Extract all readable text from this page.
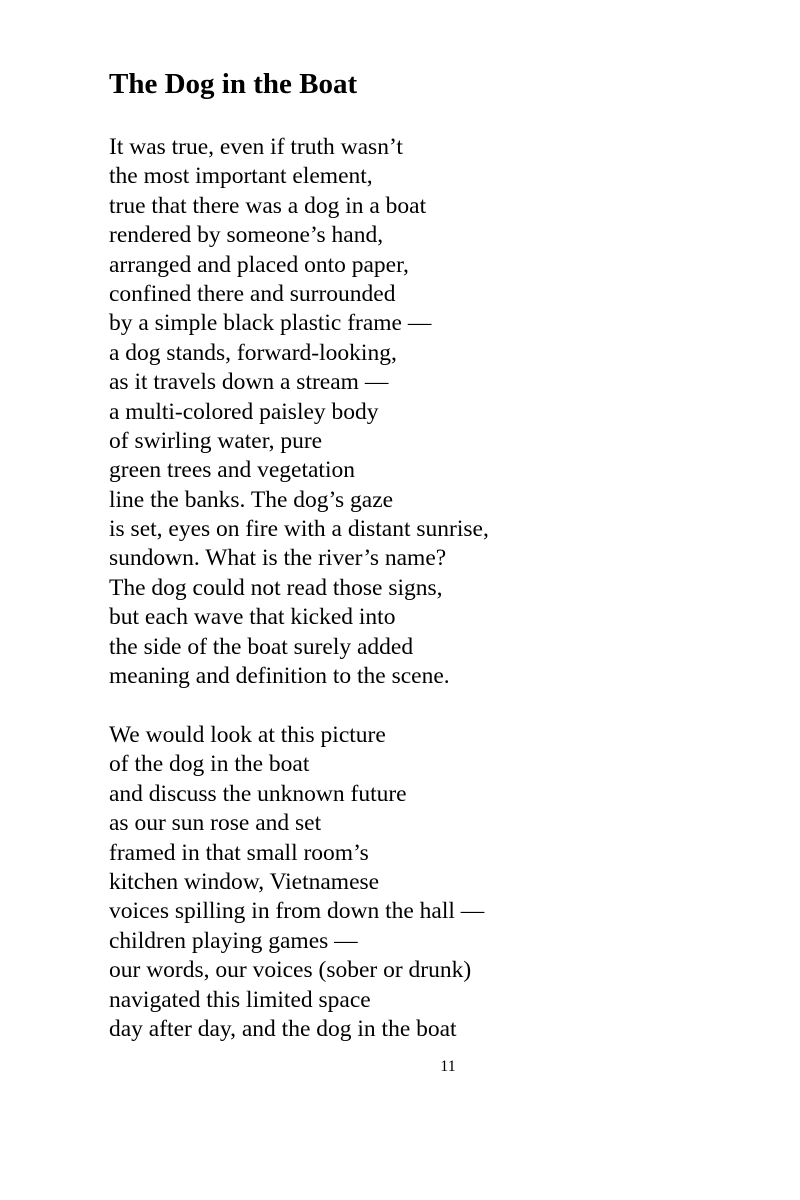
The Dog in the Boat
It was true, even if truth wasn’t
the most important element,
true that there was a dog in a boat
rendered by someone’s hand,
arranged and placed onto paper,
confined there and surrounded
by a simple black plastic frame —
a dog stands, forward-looking,
as it travels down a stream —
a multi-colored paisley body
of swirling water, pure
green trees and vegetation
line the banks. The dog’s gaze
is set, eyes on fire with a distant sunrise,
sundown. What is the river’s name?
The dog could not read those signs,
but each wave that kicked into
the side of the boat surely added
meaning and definition to the scene.
We would look at this picture
of the dog in the boat
and discuss the unknown future
as our sun rose and set
framed in that small room’s
kitchen window, Vietnamese
voices spilling in from down the hall —
children playing games —
our words, our voices (sober or drunk)
navigated this limited space
day after day, and the dog in the boat
11
